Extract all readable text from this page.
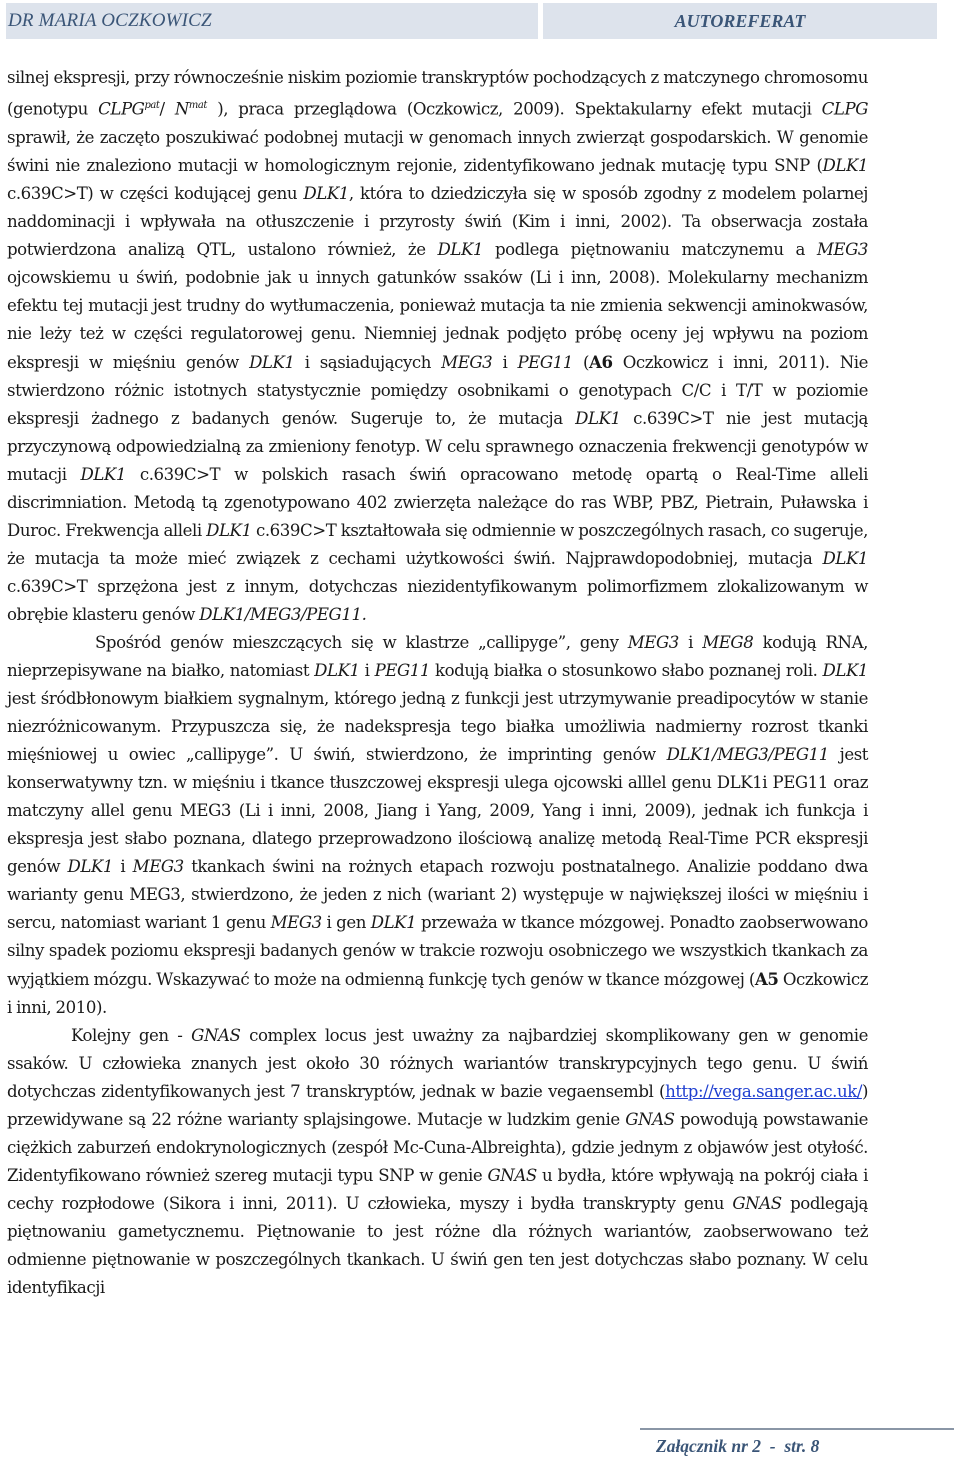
DR MARIA OCZKOWICZ	AUTOREFERAT

silnej ekspresji, przy równocześnie niskim poziomie transkryptów pochodzących z matczynego chromosomu (genotypu $CLPG^{pat}/$ $N^{mat}$ ), praca przeglądowa (Oczkowicz, 2009). Spektakularny efekt mutacji CLPG sprawił, że zaczęto poszukiwać podobnej mutacji w genomach innych zwierząt gospodarskich. W genomie świni nie znaleziono mutacji w homologicznym rejonie, zidentyfikowano jednak mutację typu SNP (DLK1 c.639C>T) w części kodującej genu DLK1, która to dziedziczyła się w sposób zgodny z modelem polarnej naddominacji i wpływała na otłuszczenie i przyrosty świń (Kim i inni, 2002). Ta obserwacja została potwierdzona analizą QTL, ustalono również, że DLK1 podlega piętnowaniu matczynemu a MEG3 ojcowskiemu u świń, podobnie jak u innych gatunków ssaków (Li i inn, 2008). Molekularny mechanizm efektu tej mutacji jest trudny do wytłumaczenia, ponieważ mutacja ta nie zmienia sekwencji aminokwasów, nie leży też w części regulatorowej genu. Niemniej jednak podjęto próbę oceny jej wpływu na poziom ekspresji w mięśniu genów DLK1 i sąsiadujących MEG3 i PEG11 (A6 Oczkowicz i inni, 2011). Nie stwierdzono różnic istotnych statystycznie pomiędzy osobnikami o genotypach C/C i T/T w poziomie ekspresji żadnego z badanych genów. Sugeruje to, że mutacja DLK1 c.639C>T nie jest mutacją przyczynową odpowiedzialną za zmieniony fenotyp. W celu sprawnego oznaczenia frekwencji genotypów w mutacji DLK1 c.639C>T w polskich rasach świń opracowano metodę opartą o Real-Time alleli discrimniation. Metodą tą zgenotypowano 402 zwierzęta należące do ras WBP, PBZ, Pietrain, Puławska i Duroc. Frekwencja alleli DLK1 c.639C>T kształtowała się odmiennie w poszczególnych rasach, co sugeruje, że mutacja ta może mieć związek z cechami użytkowości świń. Najprawdopodobniej, mutacja DLK1 c.639C>T sprzężona jest z innym, dotychczas niezidentyfikowanym polimorfizmem zlokalizowanym w obrębie klasteru genów DLK1/MEG3/PEG11.

Spośród genów mieszczących się w klastrze „callipyge”, geny MEG3 i MEG8 kodują RNA, nieprzepisywane na białko, natomiast DLK1 i PEG11 kodują białka o stosunkowo słabo poznanej roli. DLK1 jest śródbłonowym białkiem sygnalnym, którego jedną z funkcji jest utrzymywanie preadipocytów w stanie niezróżnicowanym. Przypuszcza się, że nadekspresja tego białka umożliwia nadmierny rozrost tkanki mięśniowej u owiec „callipyge”. U świń, stwierdzono, że imprinting genów DLK1/MEG3/PEG11 jest konserwatywny tzn. w mięśniu i tkance tłuszczowej ekspresji ulega ojcowski alllel genu DLK1i PEG11 oraz matczyny allel genu MEG3 (Li i inni, 2008, Jiang i Yang, 2009, Yang i inni, 2009), jednak ich funkcja i ekspresja jest słabo poznana, dlatego przeprowadzono ilościową analizę metodą Real-Time PCR ekspresji genów DLK1 i MEG3 tkankach świni na rożnych etapach rozwoju postnatalnego. Analizie poddano dwa warianty genu MEG3, stwierdzono, że jeden z nich (wariant 2) występuje w największej ilości w mięśniu i sercu, natomiast wariant 1 genu MEG3 i gen DLK1 przeważa w tkance mózgowej. Ponadto zaobserwowano silny spadek poziomu ekspresji badanych genów w trakcie rozwoju osobniczego we wszystkich tkankach za wyjątkiem mózgu. Wskazywać to może na odmienną funkcję tych genów w tkance mózgowej (A5 Oczkowicz i inni, 2010).

Kolejny gen - GNAS complex locus jest uważny za najbardziej skomplikowany gen w genomie ssaków. U człowieka znanych jest około 30 różnych wariantów transkrypcyjnych tego genu. U świń dotychczas zidentyfikowanych jest 7 transkryptów, jednak w bazie vegaensembl (http://vega.sanger.ac.uk/) przewidywane są 22 różne warianty splajsingowe. Mutacje w ludzkim genie GNAS powodują powstawanie ciężkich zaburzeń endokrynologicznych (zespół Mc-Cuna-Albreighta), gdzie jednym z objawów jest otyłość. Zidentyfikowano również szereg mutacji typu SNP w genie GNAS u bydła, które wpływają na pokrój ciała i cechy rozpłodowe (Sikora i inni, 2011). U człowieka, myszy i bydła transkrypty genu GNAS podlegają piętnowaniu gametycznemu. Piętnowanie to jest różne dla różnych wariantów, zaobserwowano też odmienne piętnowanie w poszczególnych tkankach. U świń gen ten jest dotychczas słabo poznany. W celu identyfikacji

Załącznik nr 2  -  str. 8
